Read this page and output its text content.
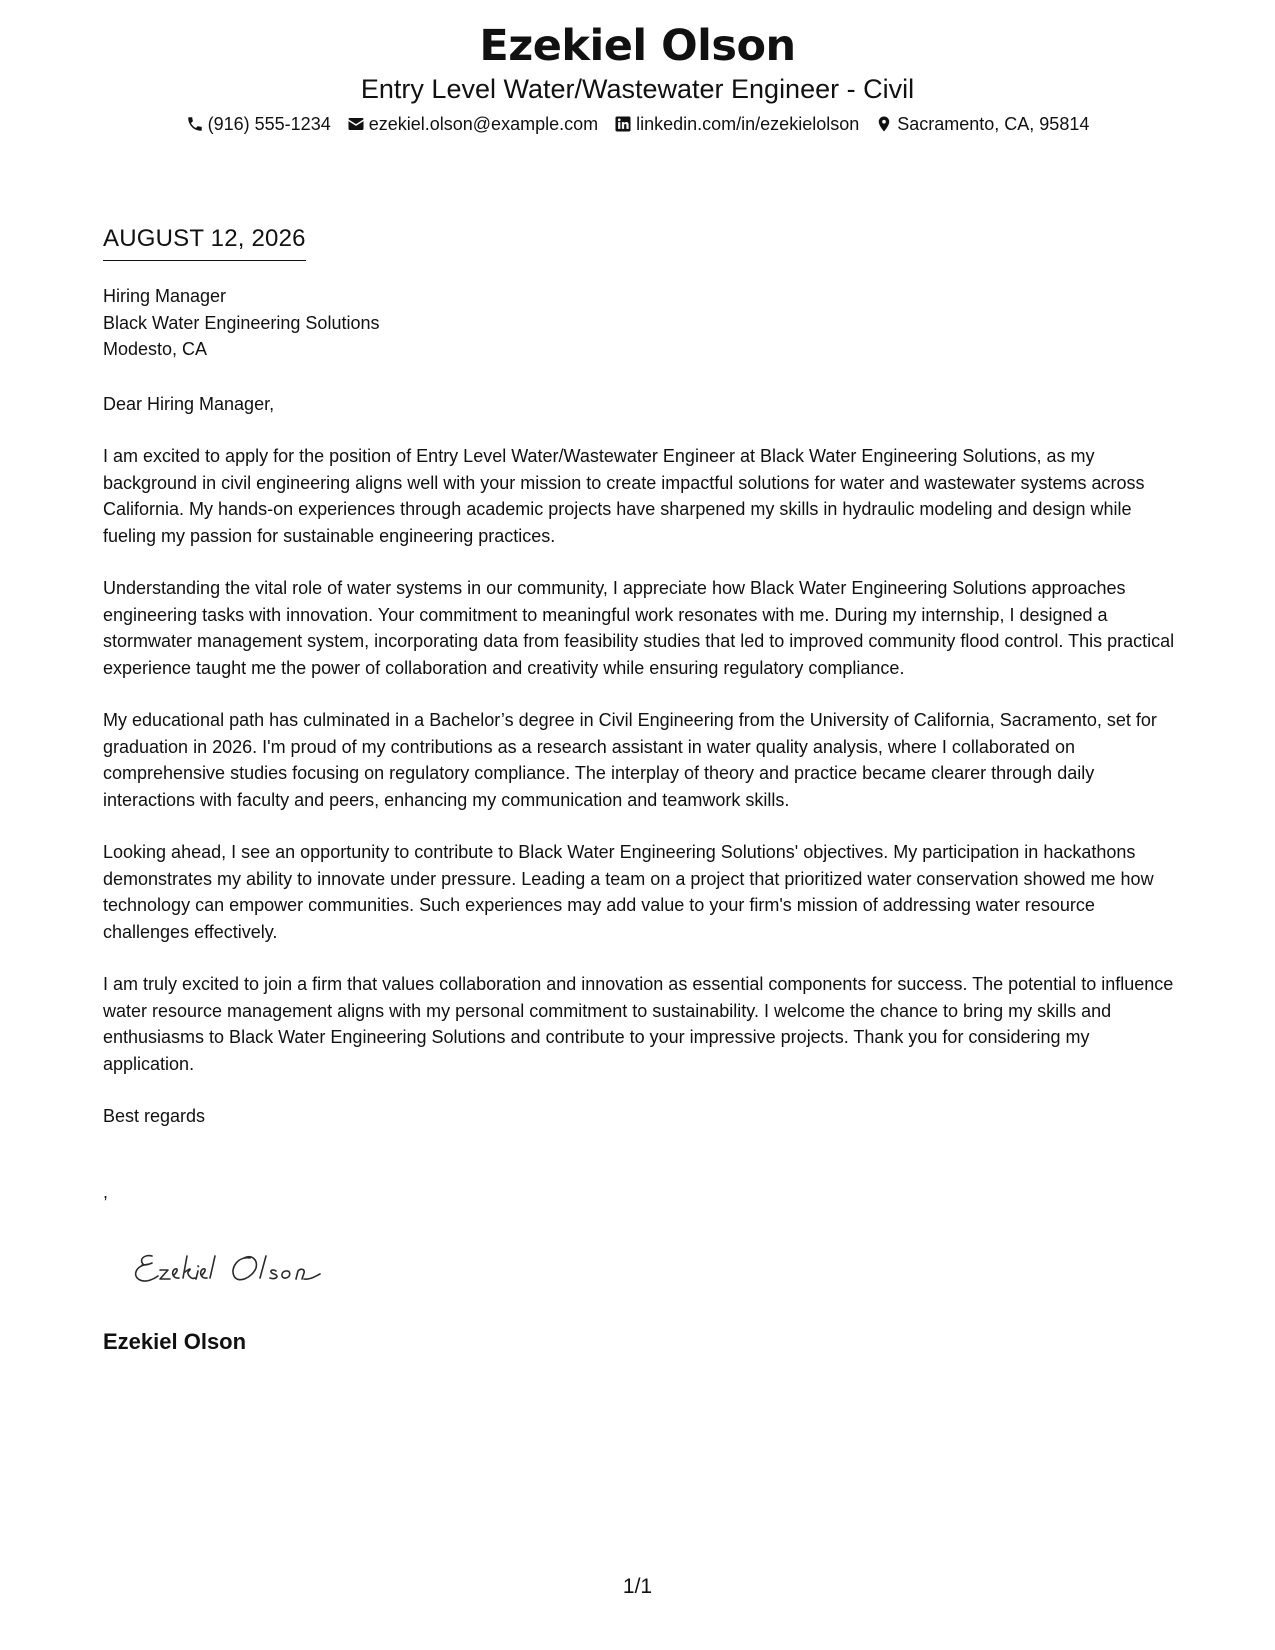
Ezekiel Olson
Entry Level Water/Wastewater Engineer - Civil
(916) 555-1234 ezekiel.olson@example.com linkedin.com/in/ezekielolson Sacramento, CA, 95814
AUGUST 12, 2026
Hiring Manager
Black Water Engineering Solutions
Modesto, CA
Dear Hiring Manager,

I am excited to apply for the position of Entry Level Water/Wastewater Engineer at Black Water Engineering Solutions, as my background in civil engineering aligns well with your mission to create impactful solutions for water and wastewater systems across California. My hands-on experiences through academic projects have sharpened my skills in hydraulic modeling and design while fueling my passion for sustainable engineering practices.

Understanding the vital role of water systems in our community, I appreciate how Black Water Engineering Solutions approaches engineering tasks with innovation. Your commitment to meaningful work resonates with me. During my internship, I designed a stormwater management system, incorporating data from feasibility studies that led to improved community flood control. This practical experience taught me the power of collaboration and creativity while ensuring regulatory compliance.

My educational path has culminated in a Bachelor’s degree in Civil Engineering from the University of California, Sacramento, set for graduation in 2026. I'm proud of my contributions as a research assistant in water quality analysis, where I collaborated on comprehensive studies focusing on regulatory compliance. The interplay of theory and practice became clearer through daily interactions with faculty and peers, enhancing my communication and teamwork skills.

Looking ahead, I see an opportunity to contribute to Black Water Engineering Solutions' objectives. My participation in hackathons demonstrates my ability to innovate under pressure. Leading a team on a project that prioritized water conservation showed me how technology can empower communities. Such experiences may add value to your firm's mission of addressing water resource challenges effectively.

I am truly excited to join a firm that values collaboration and innovation as essential components for success. The potential to influence water resource management aligns with my personal commitment to sustainability. I welcome the chance to bring my skills and enthusiasms to Black Water Engineering Solutions and contribute to your impressive projects. Thank you for considering my application.

Best regards
,
Ezekiel Olson
1/1
